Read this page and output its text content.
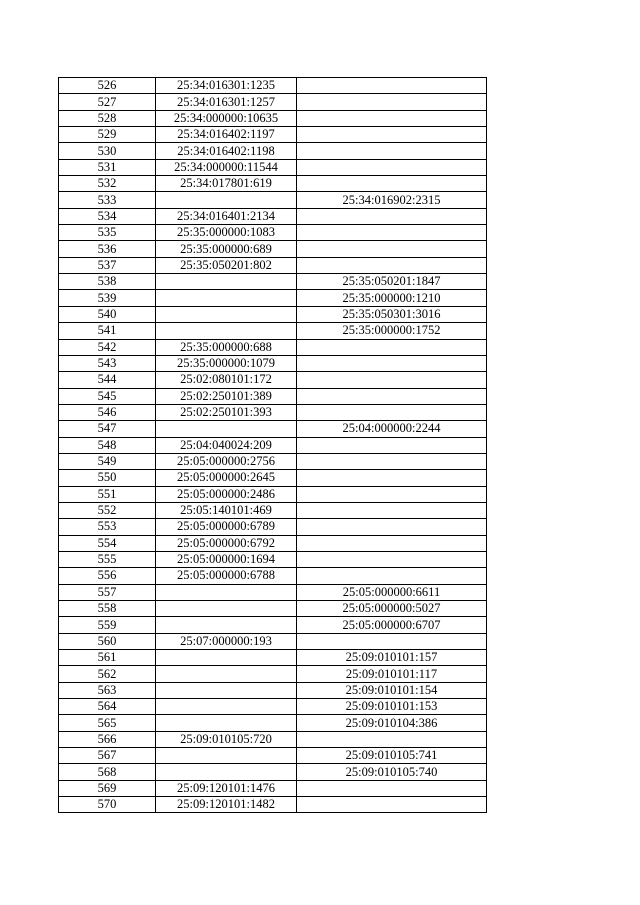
526	25:34:016301:1235	
527	25:34:016301:1257	
528	25:34:000000:10635	
529	25:34:016402:1197	
530	25:34:016402:1198	
531	25:34:000000:11544	
532	25:34:017801:619	
533		25:34:016902:2315
534	25:34:016401:2134	
535	25:35:000000:1083	
536	25:35:000000:689	
537	25:35:050201:802	
538		25:35:050201:1847
539		25:35:000000:1210
540		25:35:050301:3016
541		25:35:000000:1752
542	25:35:000000:688	
543	25:35:000000:1079	
544	25:02:080101:172	
545	25:02:250101:389	
546	25:02:250101:393	
547		25:04:000000:2244
548	25:04:040024:209	
549	25:05:000000:2756	
550	25:05:000000:2645	
551	25:05:000000:2486	
552	25:05:140101:469	
553	25:05:000000:6789	
554	25:05:000000:6792	
555	25:05:000000:1694	
556	25:05:000000:6788	
557		25:05:000000:6611
558		25:05:000000:5027
559		25:05:000000:6707
560	25:07:000000:193	
561		25:09:010101:157
562		25:09:010101:117
563		25:09:010101:154
564		25:09:010101:153
565		25:09:010104:386
566	25:09:010105:720	
567		25:09:010105:741
568		25:09:010105:740
569	25:09:120101:1476	
570	25:09:120101:1482	
